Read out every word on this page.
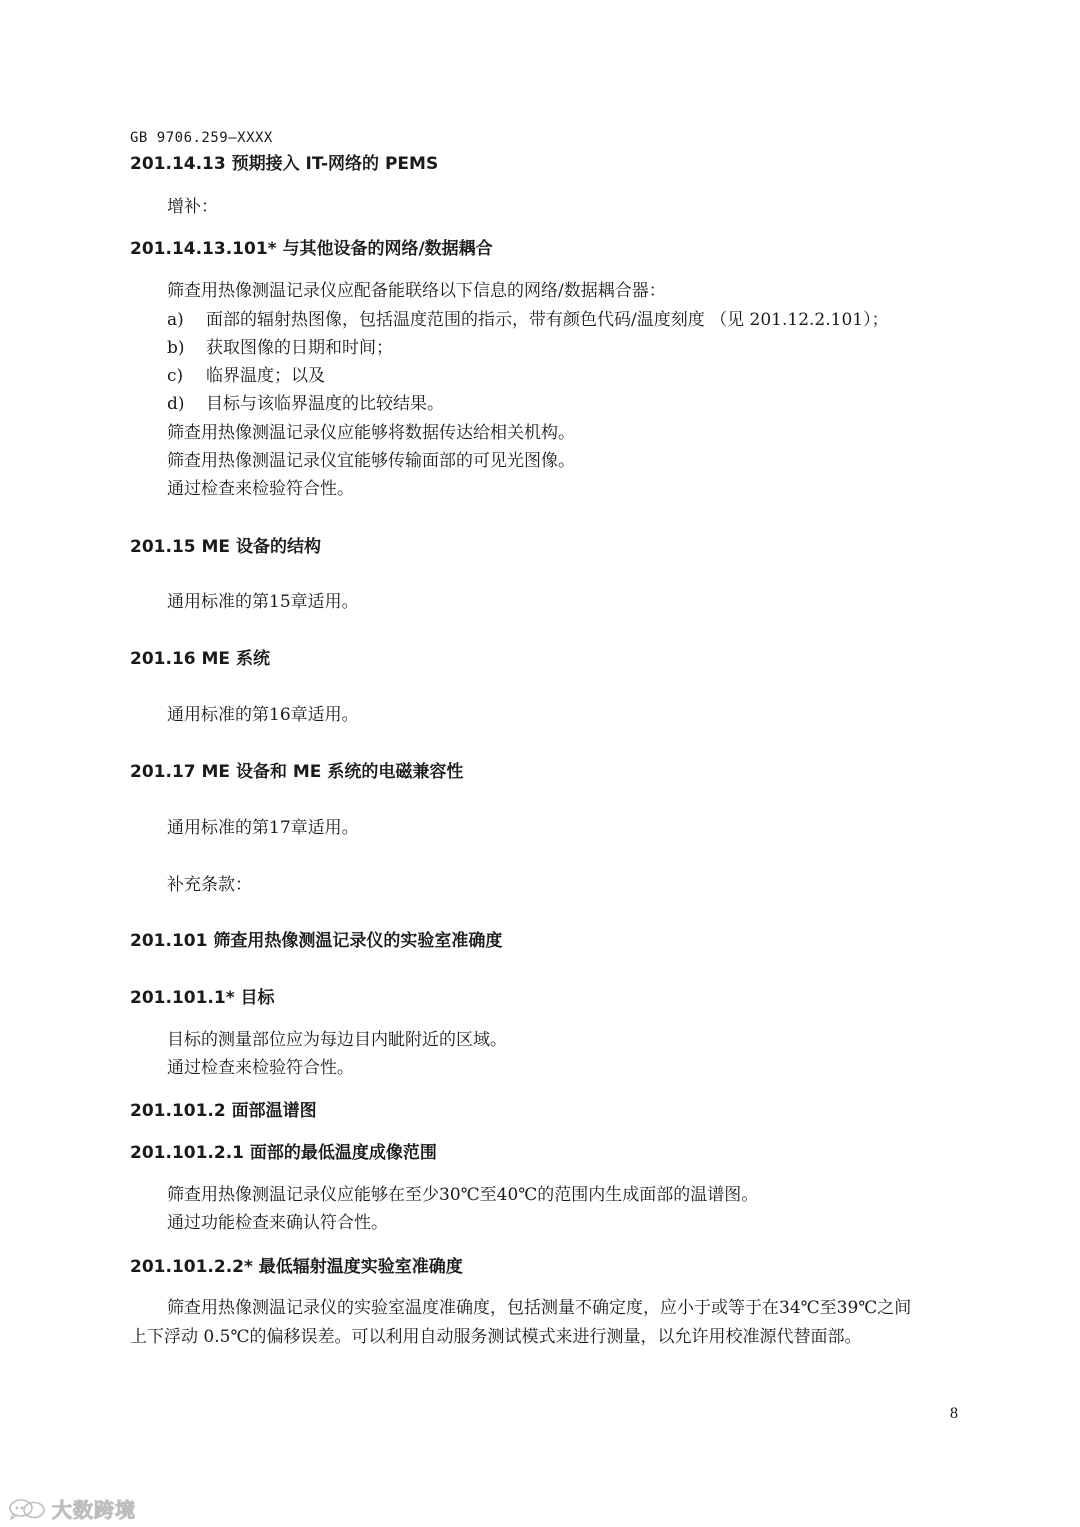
GB 9706.259—XXXX
201.14.13 预期接入 IT-网络的 PEMS
增补：
201.14.13.101* 与其他设备的网络/数据耦合
筛查用热像测温记录仪应配备能联络以下信息的网络/数据耦合器：
a) 面部的辐射热图像，包括温度范围的指示，带有颜色代码/温度刻度 （见 201.12.2.101）；
b) 获取图像的日期和时间；
c) 临界温度；以及
d) 目标与该临界温度的比较结果。
筛查用热像测温记录仪应能够将数据传达给相关机构。
筛查用热像测温记录仪宜能够传输面部的可见光图像。
通过检查来检验符合性。
201.15 ME 设备的结构
通用标准的第15章适用。
201.16 ME 系统
通用标准的第16章适用。
201.17 ME 设备和 ME 系统的电磁兼容性
通用标准的第17章适用。
补充条款：
201.101 筛查用热像测温记录仪的实验室准确度
201.101.1* 目标
目标的测量部位应为每边目内眦附近的区域。
通过检查来检验符合性。
201.101.2 面部温谱图
201.101.2.1 面部的最低温度成像范围
筛查用热像测温记录仪应能够在至少30℃至40℃的范围内生成面部的温谱图。
通过功能检查来确认符合性。
201.101.2.2* 最低辐射温度实验室准确度
筛查用热像测温记录仪的实验室温度准确度，包括测量不确定度，应小于或等于在34℃至39℃之间
上下浮动 0.5℃的偏移误差。可以利用自动服务测试模式来进行测量，以允许用校准源代替面部。
8
大数跨境
